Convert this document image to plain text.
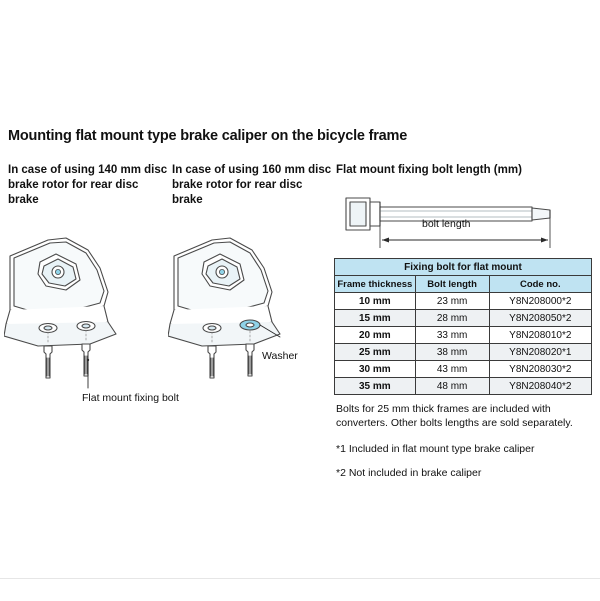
Mounting flat mount type brake caliper on the bicycle frame
In case of using 140 mm disc brake rotor for rear disc brake
In case of using 160 mm disc brake rotor for rear disc brake
Flat mount fixing bolt length (mm)
Flat mount fixing bolt
Washer
bolt length
Fixing bolt for flat mount		
Frame thickness	Bolt length	Code no.
10 mm	23 mm	Y8N208000*2
15 mm	28 mm	Y8N208050*2
20 mm	33 mm	Y8N208010*2
25 mm	38 mm	Y8N208020*1
30 mm	43 mm	Y8N208030*2
35 mm	48 mm	Y8N208040*2
Bolts for 25 mm thick frames are included with converters. Other bolts lengths are sold separately.
*1 Included in flat mount type brake caliper
*2 Not included in brake caliper
